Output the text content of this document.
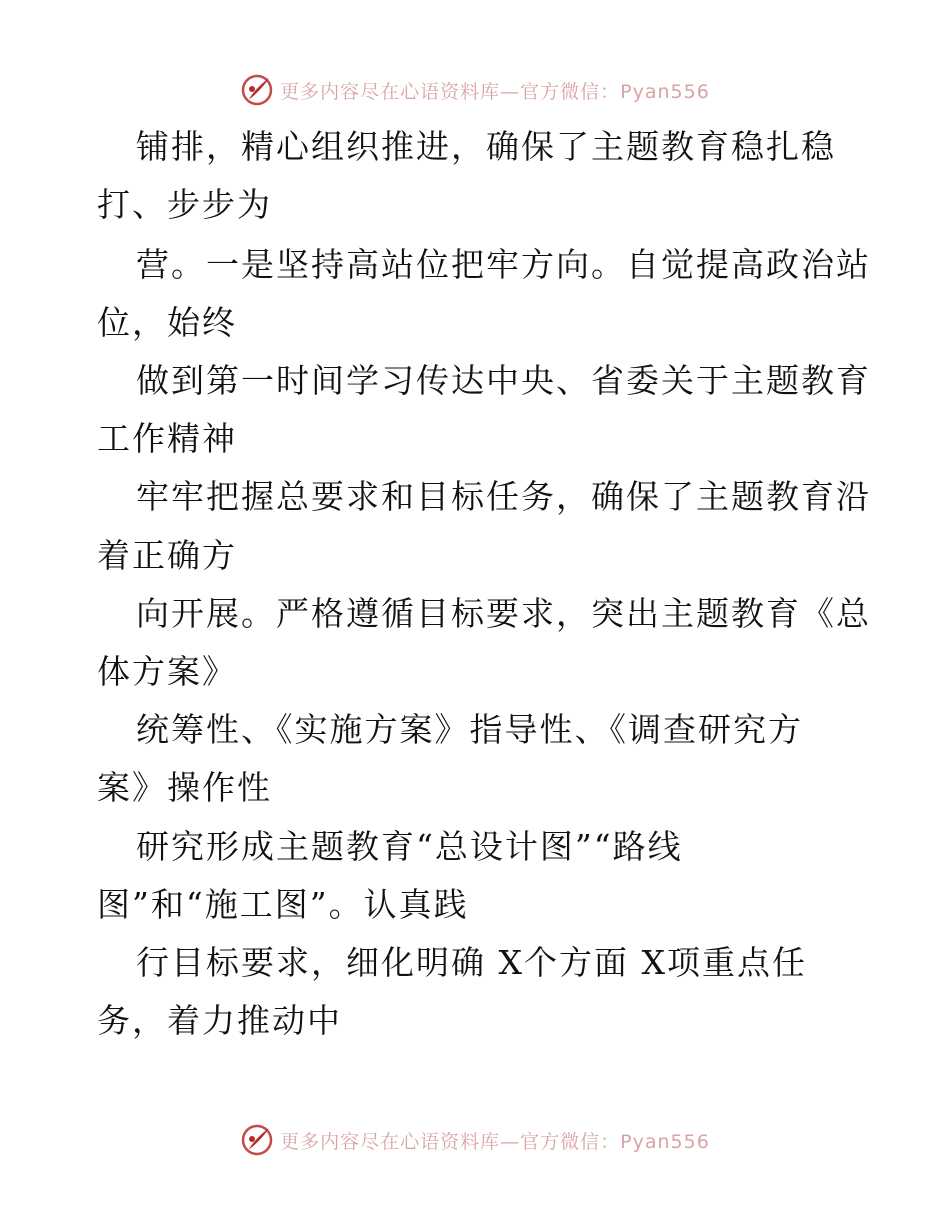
更多内容尽在心语资料库—官方微信：Pyan556
铺排，精心组织推进，确保了主题教育稳扎稳
打、步步为
营。一是坚持高站位把牢方向。自觉提高政治站
位，始终
做到第一时间学习传达中央、省委关于主题教育
工作精神
牢牢把握总要求和目标任务，确保了主题教育沿
着正确方
向开展。严格遵循目标要求，突出主题教育《总
体方案》
统筹性、《实施方案》指导性、《调查研究方
案》操作性
研究形成主题教育“总设计图”“路线
图”和“施工图”。认真践
行目标要求，细化明确 X个方面 X项重点任
务，着力推动中
更多内容尽在心语资料库—官方微信：Pyan556
